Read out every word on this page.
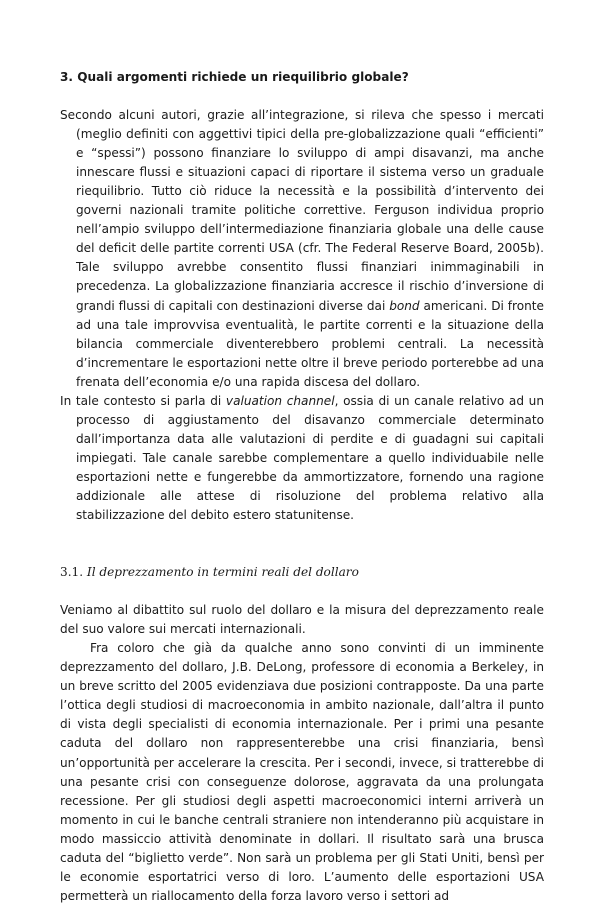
3. Quali argomenti richiede un riequilibrio globale?

Secondo alcuni autori, grazie all’integrazione, si rileva che spesso i mercati (meglio definiti con aggettivi tipici della pre-globalizzazione quali “efficienti” e “spessi”) possono finanziare lo sviluppo di ampi disavanzi, ma anche innescare flussi e situazioni capaci di riportare il sistema verso un graduale riequilibrio. Tutto ciò riduce la necessità e la possibilità d’intervento dei governi nazionali tramite politiche correttive. Ferguson individua proprio nell’ampio sviluppo dell’intermediazione finanziaria globale una delle cause del deficit delle partite correnti USA (cfr. The Federal Reserve Board, 2005b). Tale sviluppo avrebbe consentito flussi finanziari inimmaginabili in precedenza. La globalizzazione finanziaria accresce il rischio d’inversione di grandi flussi di capitali con destinazioni diverse dai bond americani. Di fronte ad una tale improvvisa eventualità, le partite correnti e la situazione della bilancia commerciale diventerebbero problemi centrali. La necessità d’incrementare le esportazioni nette oltre il breve periodo porterebbe ad una frenata dell’economia e/o una rapida discesa del dollaro.

In tale contesto si parla di valuation channel, ossia di un canale relativo ad un processo di aggiustamento del disavanzo commerciale determinato dall’importanza data alle valutazioni di perdite e di guadagni sui capitali impiegati. Tale canale sarebbe complementare a quello individuabile nelle esportazioni nette e fungerebbe da ammortizzatore, fornendo una ragione addizionale alle attese di risoluzione del problema relativo alla stabilizzazione del debito estero statunitense.

3.1. Il deprezzamento in termini reali del dollaro

Veniamo al dibattito sul ruolo del dollaro e la misura del deprezzamento reale del suo valore sui mercati internazionali.

Fra coloro che già da qualche anno sono convinti di un imminente deprezzamento del dollaro, J.B. DeLong, professore di economia a Berkeley, in un breve scritto del 2005 evidenziava due posizioni contrapposte. Da una parte l’ottica degli studiosi di macroeconomia in ambito nazionale, dall’altra il punto di vista degli specialisti di economia internazionale. Per i primi una pesante caduta del dollaro non rappresenterebbe una crisi finanziaria, bensì un’opportunità per accelerare la crescita. Per i secondi, invece, si tratterebbe di una pesante crisi con conseguenze dolorose, aggravata da una prolungata recessione. Per gli studiosi degli aspetti macroeconomici interni arriverà un momento in cui le banche centrali straniere non intenderanno più acquistare in modo massiccio attività denominate in dollari. Il risultato sarà una brusca caduta del “biglietto verde”. Non sarà un problema per gli Stati Uniti, bensì per le economie esportatrici verso di loro. L’aumento delle esportazioni USA permetterà un riallocamento della forza lavoro verso i settori ad
